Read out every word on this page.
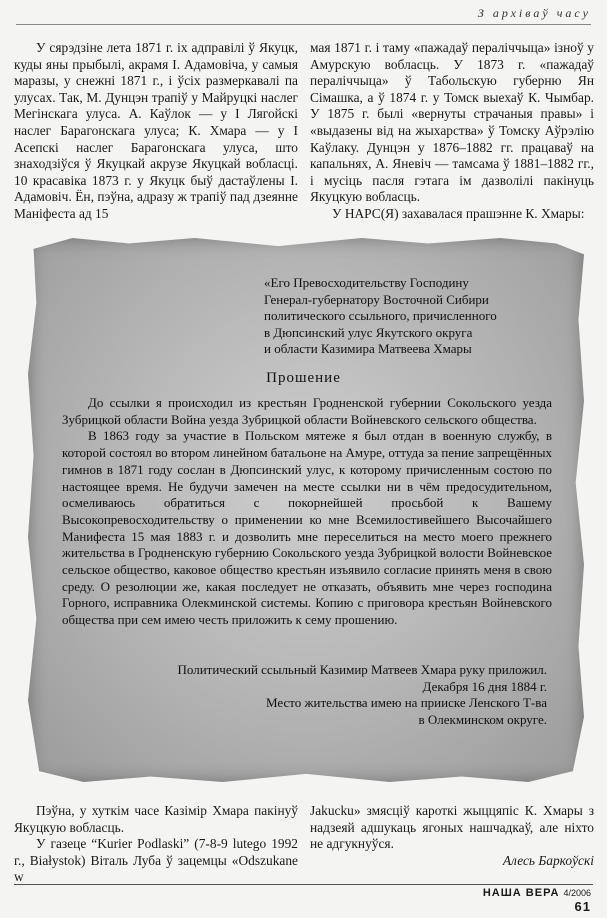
З архіваў часу

У сярэдзіне лета 1871 г. іх адправілі ў Якуцк, куды яны прыбылі, акрамя І. Адамовіча, у самыя маразы, у снежні 1871 г., і ўсіх размеркавалі па улусах. Так, М. Дунцэн трапіў у Майруцкі наслег Мегінскага улуса. А. Каўлок — у І Лягойскі наслег Барагонскага улуса; К. Хмара — у І Асепскі наслег Барагонскага улуса, што знаходзіўся ў Якуцкай акрузе Якуцкай вобласці. 10 красавіка 1873 г. у Якуцк быў дастаўлены І. Адамовіч. Ён, пэўна, адразу ж трапіў пад дзеянне Маніфеста ад 15

мая 1871 г. і таму «пажадаў пераліччыца» ізноў у Амурскую вобласць. У 1873 г. «пажадаў пераліччыца» ў Табольскую губерню Ян Сімашка, а ў 1874 г. у Томск выехаў К. Чымбар. У 1875 г. былі «вернуты страчаныя правы» і «выдазены від на жыхарства» ў Томску Аўрэлію Каўлаку. Дунцэн у 1876–1882 гг. працаваў на капальнях, А. Яневіч — тамсама ў 1881–1882 гг., і мусіць пасля гэтага ім дазволілі пакінуць Якуцкую вобласць.

У НАРС(Я) захавалася прашэнне К. Хмары:

«Его Превосходительству Господину
Генерал-губернатору Восточной Сибири
политического ссыльного, причисленного
в Дюпсинский улус Якутского округа
и области Казимира Матвеева Хмары
Прошение

До ссылки я происходил из крестьян Гродненской губернии Сокольского уезда Зубрицкой области Война уезда Зубрицкой области Войневского сельского общества.

В 1863 году за участие в Польском мятеже я был отдан в военную службу, в которой состоял во втором линейном батальоне на Амуре, оттуда за пение запрещённых гимнов в 1871 году сослан в Дюпсинский улус, к которому причисленным состою по настоящее время. Не будучи замечен на месте ссылки ни в чём предосудительном, осмеливаюсь обратиться с покорнейшей просьбой к Вашему Высокопревосходительству о применении ко мне Всемилостивейшего Высочайшего Манифеста 15 мая 1883 г. и дозволить мне переселиться на место моего прежнего жительства в Гродненскую губернию Сокольского уезда Зубрицкой волости Войневское сельское общество, каковое общество крестьян изъявило согласие принять меня в свою среду. О резолюции же, какая последует не отказать, объявить мне через господина Горного, исправника Олекминской системы. Копию с приговора крестьян Войневского общества при сем имею честь приложить к сему прошению.

Политический ссыльный Казимир Матвеев Хмара руку приложил.
Декабря 16 дня 1884 г.
Место жительства имею на прииске Ленского Т-ва
в Олекминском округе.

Пэўна, у хуткім часе Казімір Хмара пакінуў Якуцкую вобласць.

У газеце “Kurier Podlaski” (7-8-9 lutego 1992 г., Białystok) Віталь Луба ў зацемцы «Odszukane w

Jakucku» змясціў кароткі жыццяпіс К. Хмары з надзеяй адшукаць ягоных нашчадкаў, але ніхто не адгукнуўся.

Алесь Баркоўскі

НАША ВЕРА 4/2006
61
